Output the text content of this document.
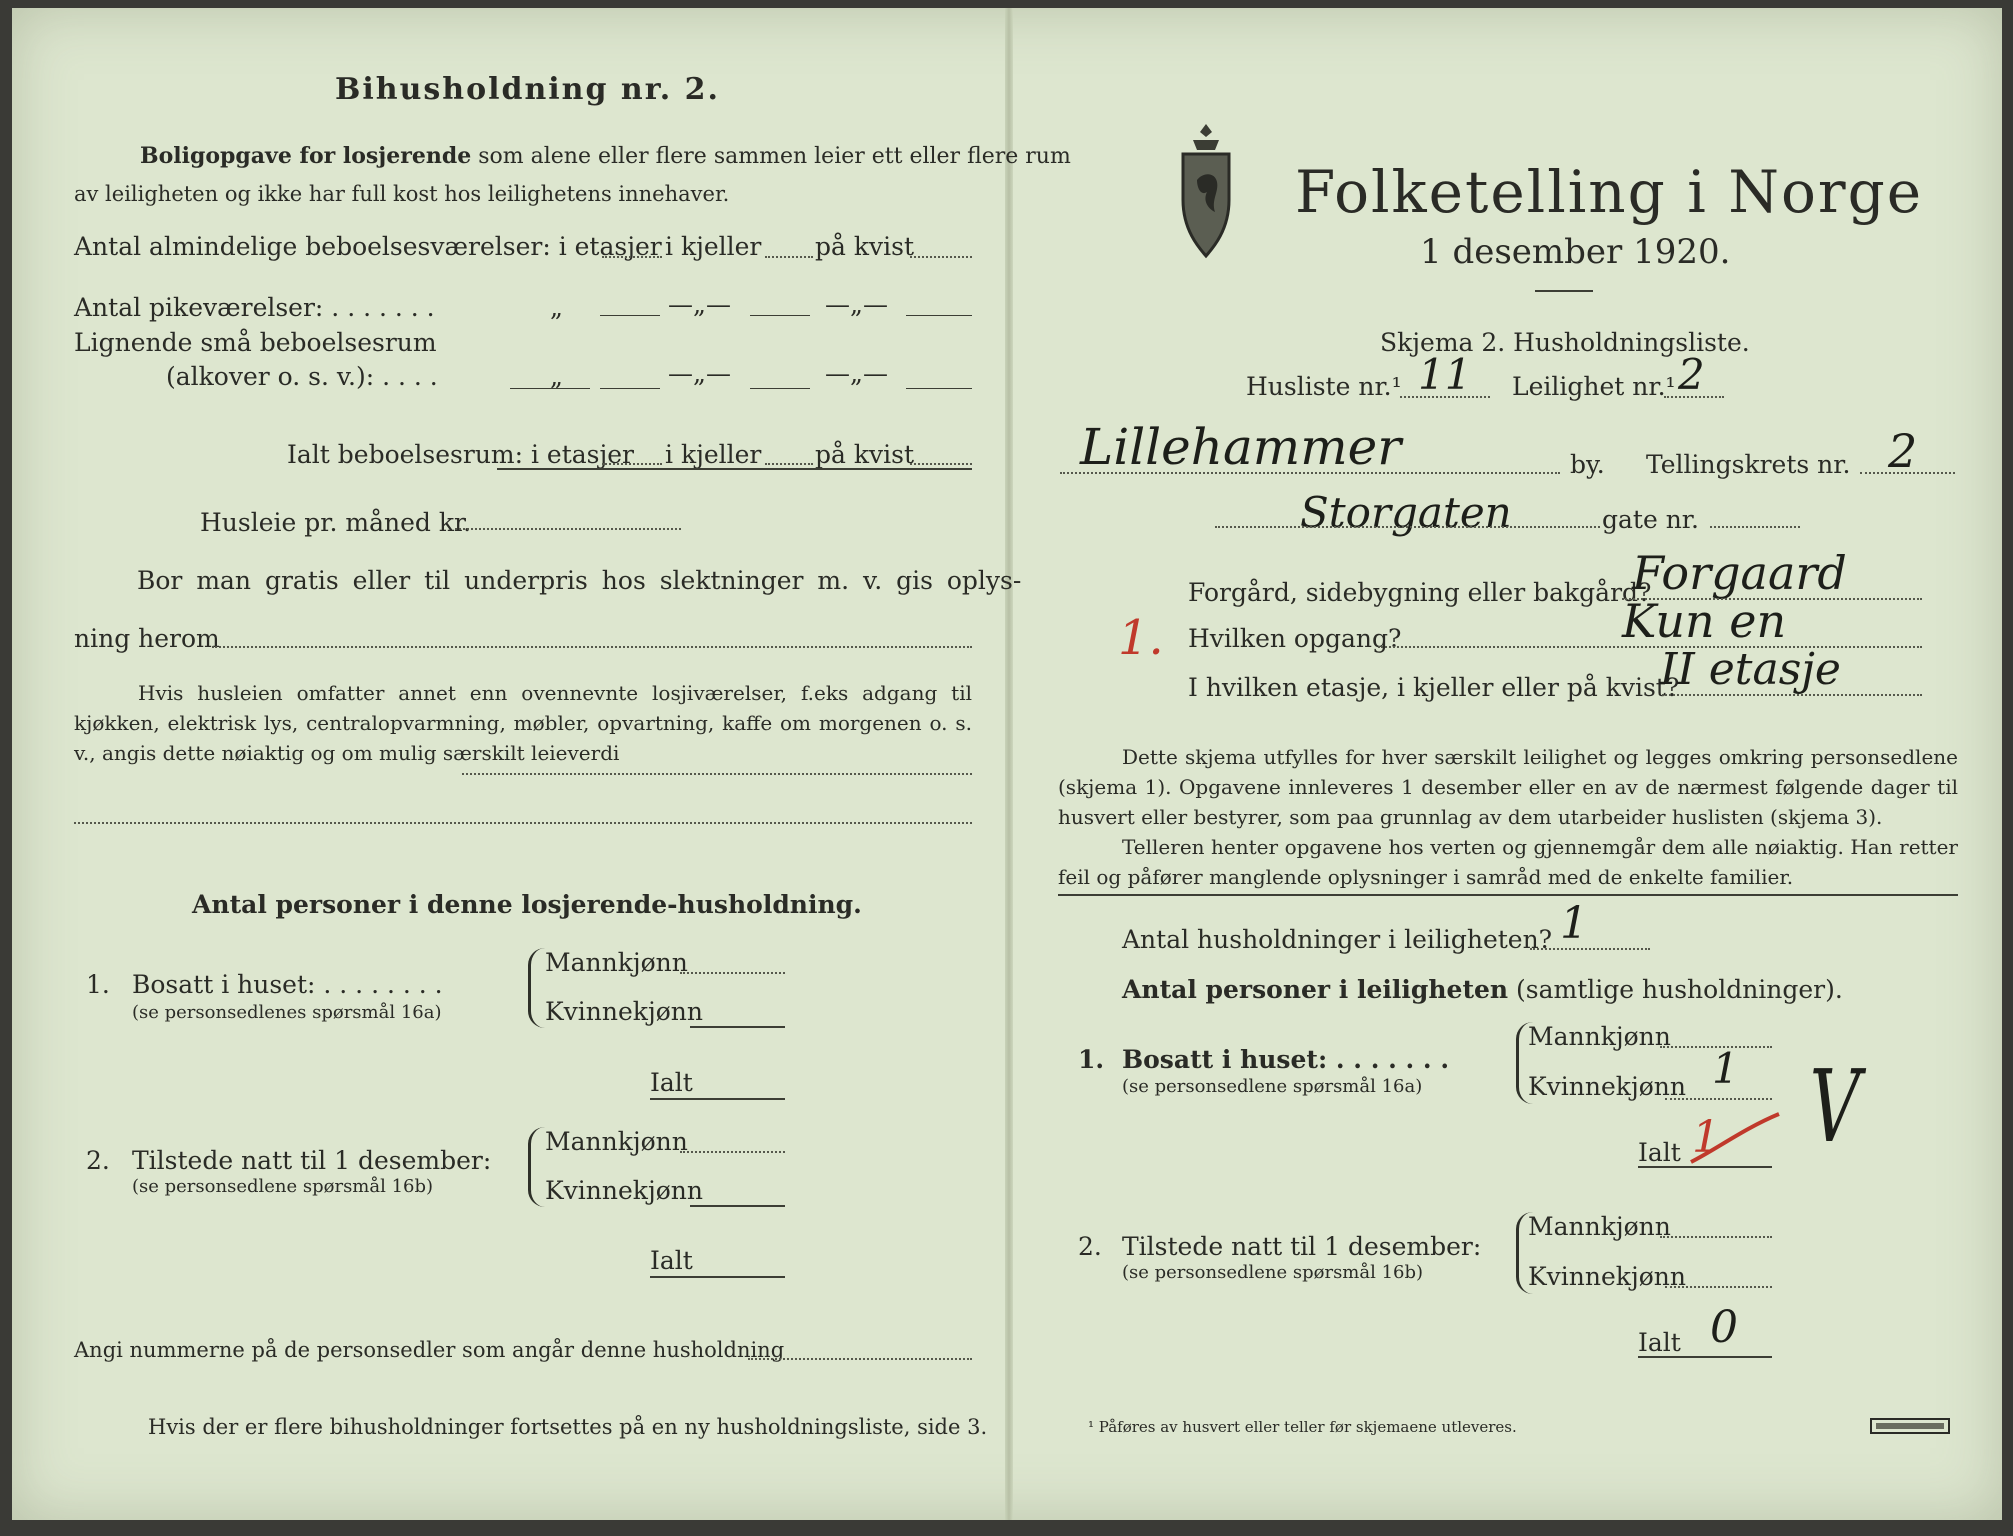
Bihusholdning nr. 2.
Boligopgave for losjerende som alene eller flere sammen leier ett eller flere rum
av leiligheten og ikke har full kost hos leilighetens innehaver.
Antal almindelige beboelsesværelser: i etasjer i kjeller på kvist
Antal pikeværelser: . . . . . . .	„	—„—	—„—
Lignende små beboelsesrum
(alkover o. s. v.): . . . .	„	—„—	—„—
Ialt beboelsesrum: i etasjer i kjeller på kvist
Husleie pr. måned kr.
Bor man gratis eller til underpris hos slektninger m. v. gis oplys-
ning herom
Hvis husleien omfatter annet enn ovennevnte losjiværelser, f.eks adgang til kjøkken, elektrisk lys, centralopvarmning, møbler, opvartning, kaffe om morgenen o. s. v., angis dette nøiaktig og om mulig særskilt leieverdi
Antal personer i denne losjerende-husholdning.
1. Bosatt i huset: . . . . . . . .
(se personsedlenes spørsmål 16a)
Mannkjønn
Kvinnekjønn
Ialt
2. Tilstede natt til 1 desember:
(se personsedlene spørsmål 16b)
Mannkjønn
Kvinnekjønn
Ialt
Angi nummerne på de personsedler som angår denne husholdning
Hvis der er flere bihusholdninger fortsettes på en ny husholdningsliste, side 3.
Folketelling i Norge
1 desember 1920.
Skjema 2. Husholdningsliste.
Husliste nr.¹ 11 Leilighet nr.¹ 2
Lillehammer	by. Tellingskrets nr. 2
Storgaten	gate nr.
Forgård, sidebygning eller bakgård?
Forgaard
1. Hvilken opgang?	Kun en
I hvilken etasje, i kjeller eller på kvist?
II etasje
Dette skjema utfylles for hver særskilt leilighet og legges omkring personsedlene (skjema 1). Opgavene innleveres 1 desember eller en av de nærmest følgende dager til husvert eller bestyrer, som paa grunnlag av dem utarbeider huslisten (skjema 3).
Telleren henter opgavene hos verten og gjennemgår dem alle nøiaktig. Han retter feil og påfører manglende oplysninger i samråd med de enkelte familier.
Antal husholdninger i leiligheten? 1
Antal personer i leiligheten (samtlige husholdninger).
1. Bosatt i huset: . . . . . . .
(se personsedlene spørsmål 16a)
Mannkjønn
Kvinnekjønn 1
Ialt 1 V
2. Tilstede natt til 1 desember:
(se personsedlene spørsmål 16b)
Mannkjønn
Kvinnekjønn
Ialt 0
¹ Påføres av husvert eller teller før skjemaene utleveres.
